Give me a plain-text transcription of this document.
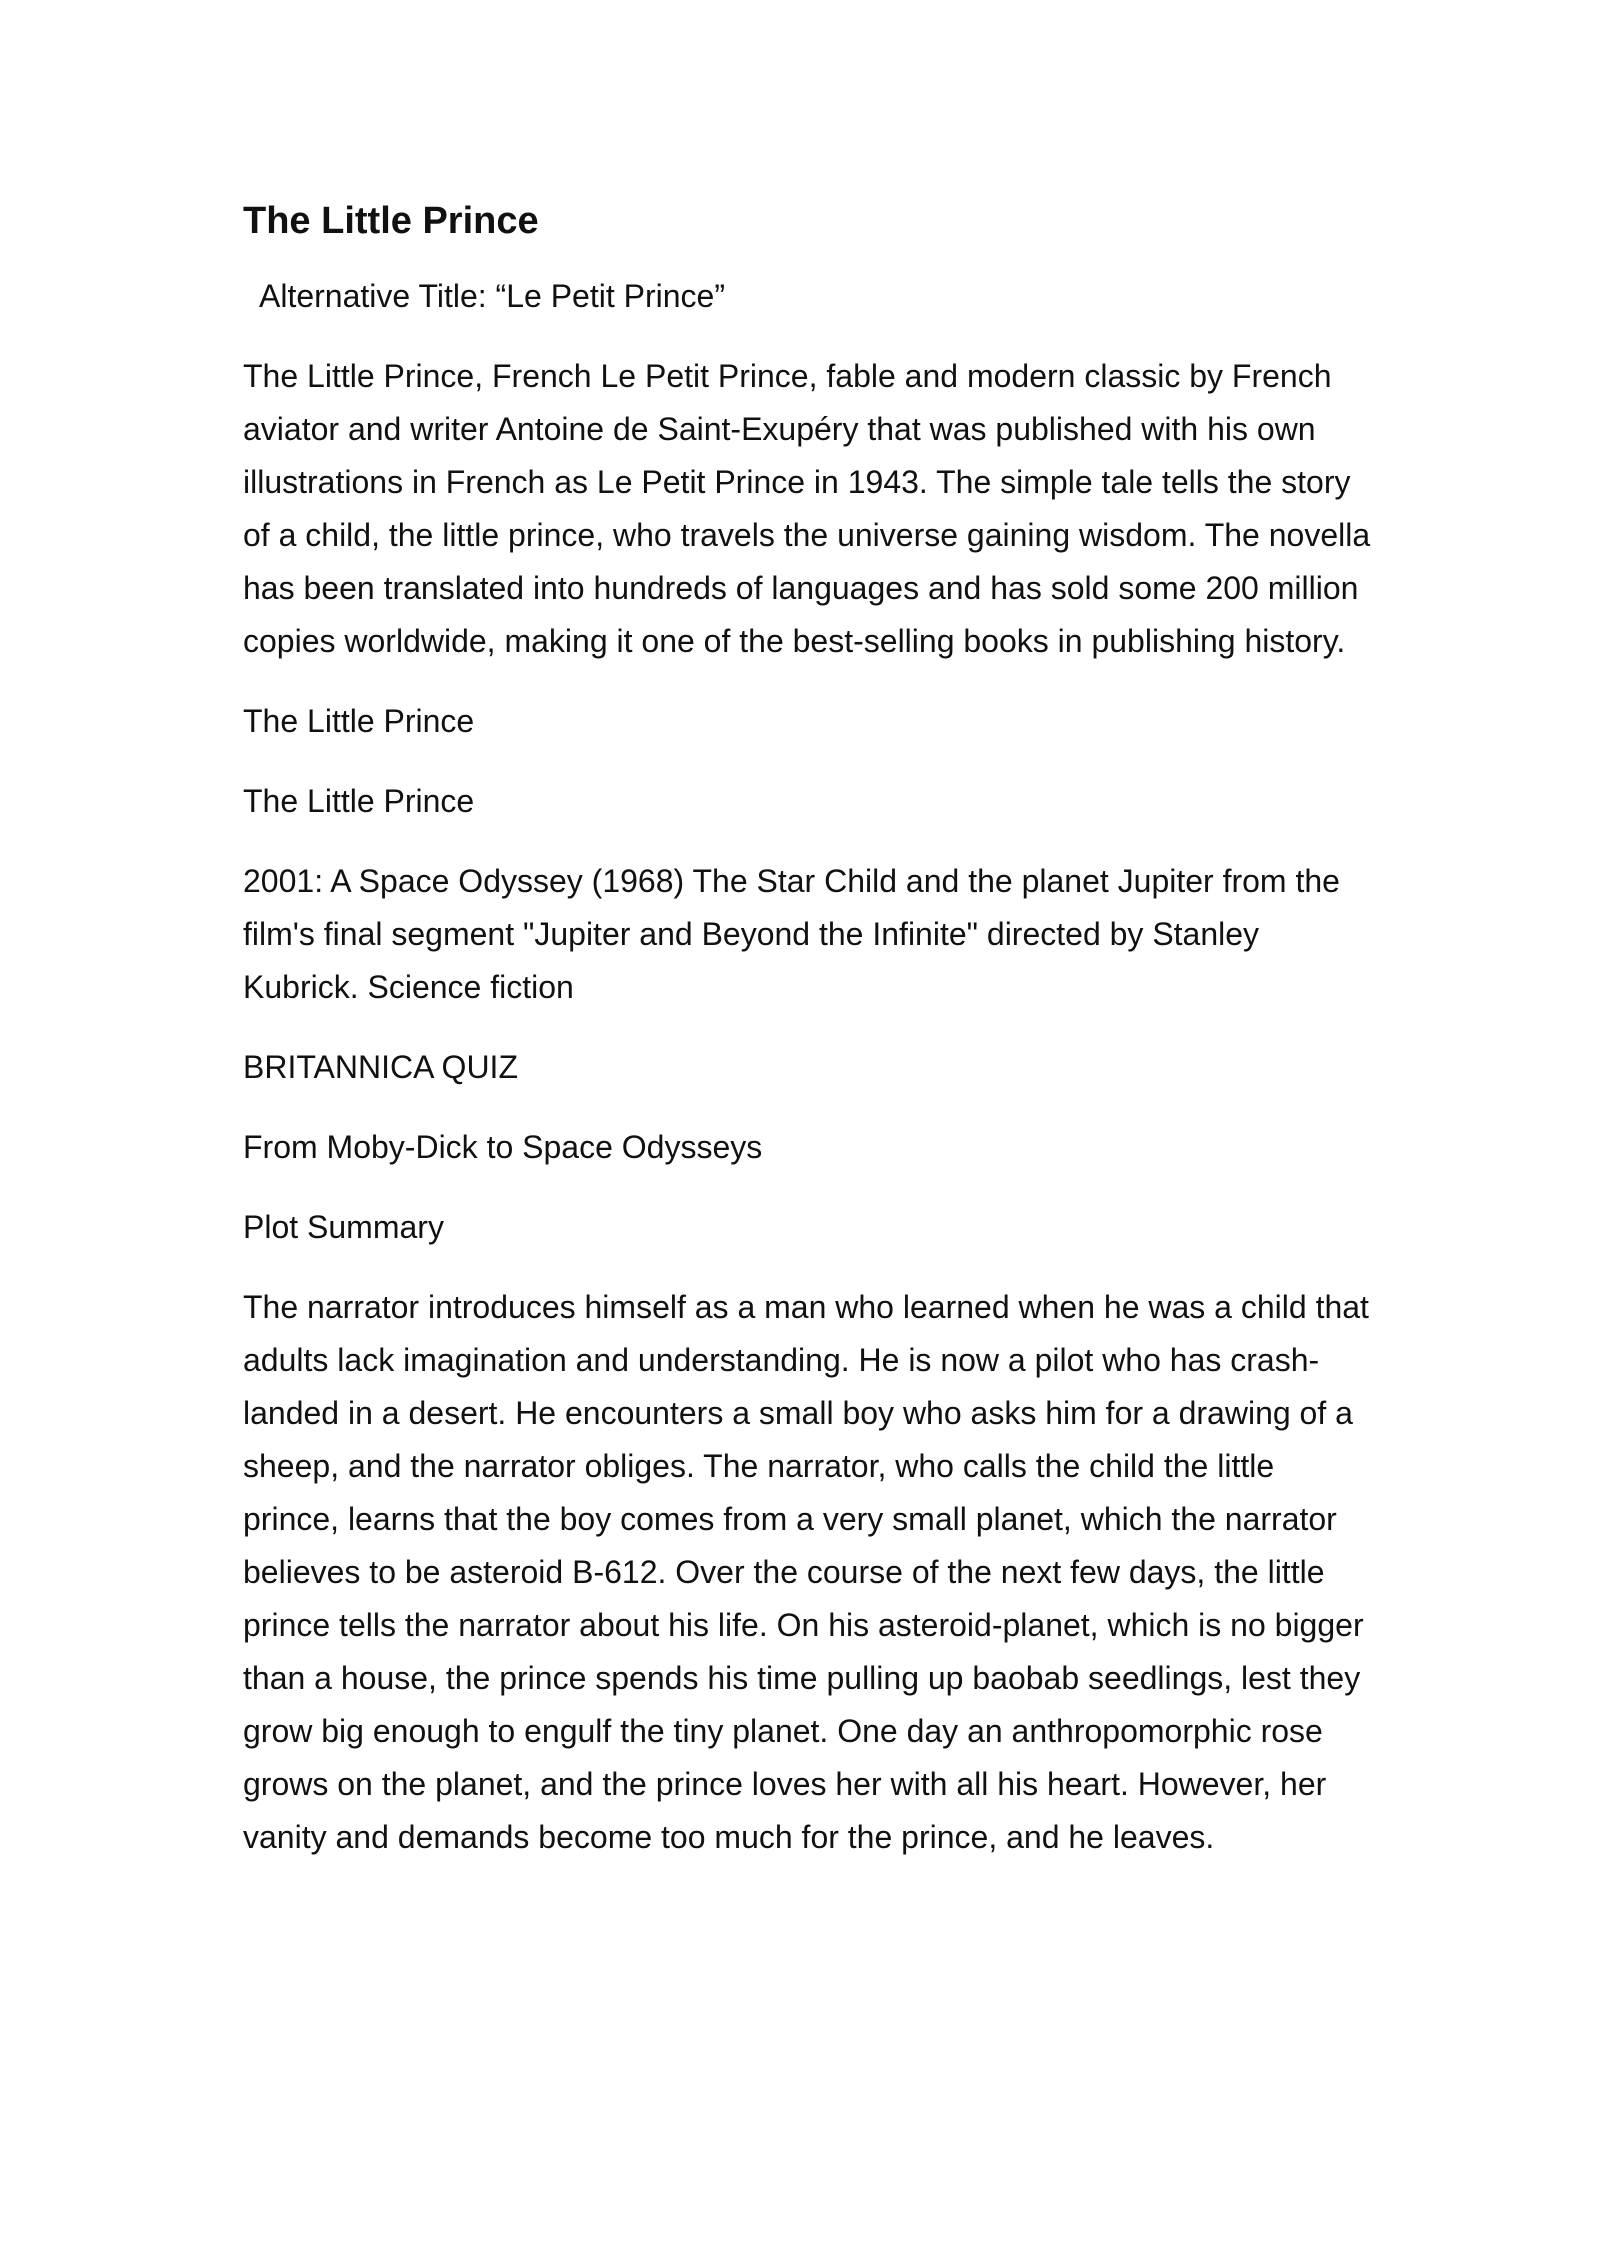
The Little Prince

Alternative Title: “Le Petit Prince”

The Little Prince, French Le Petit Prince, fable and modern classic by French aviator and writer Antoine de Saint-Exupéry that was published with his own illustrations in French as Le Petit Prince in 1943. The simple tale tells the story of a child, the little prince, who travels the universe gaining wisdom. The novella has been translated into hundreds of languages and has sold some 200 million copies worldwide, making it one of the best-selling books in publishing history.

The Little Prince

The Little Prince

2001: A Space Odyssey (1968) The Star Child and the planet Jupiter from the film's final segment "Jupiter and Beyond the Infinite" directed by Stanley Kubrick. Science fiction

BRITANNICA QUIZ

From Moby-Dick to Space Odysseys

Plot Summary

The narrator introduces himself as a man who learned when he was a child that adults lack imagination and understanding. He is now a pilot who has crash-landed in a desert. He encounters a small boy who asks him for a drawing of a sheep, and the narrator obliges. The narrator, who calls the child the little prince, learns that the boy comes from a very small planet, which the narrator believes to be asteroid B-612. Over the course of the next few days, the little prince tells the narrator about his life. On his asteroid-planet, which is no bigger than a house, the prince spends his time pulling up baobab seedlings, lest they grow big enough to engulf the tiny planet. One day an anthropomorphic rose grows on the planet, and the prince loves her with all his heart. However, her vanity and demands become too much for the prince, and he leaves.
